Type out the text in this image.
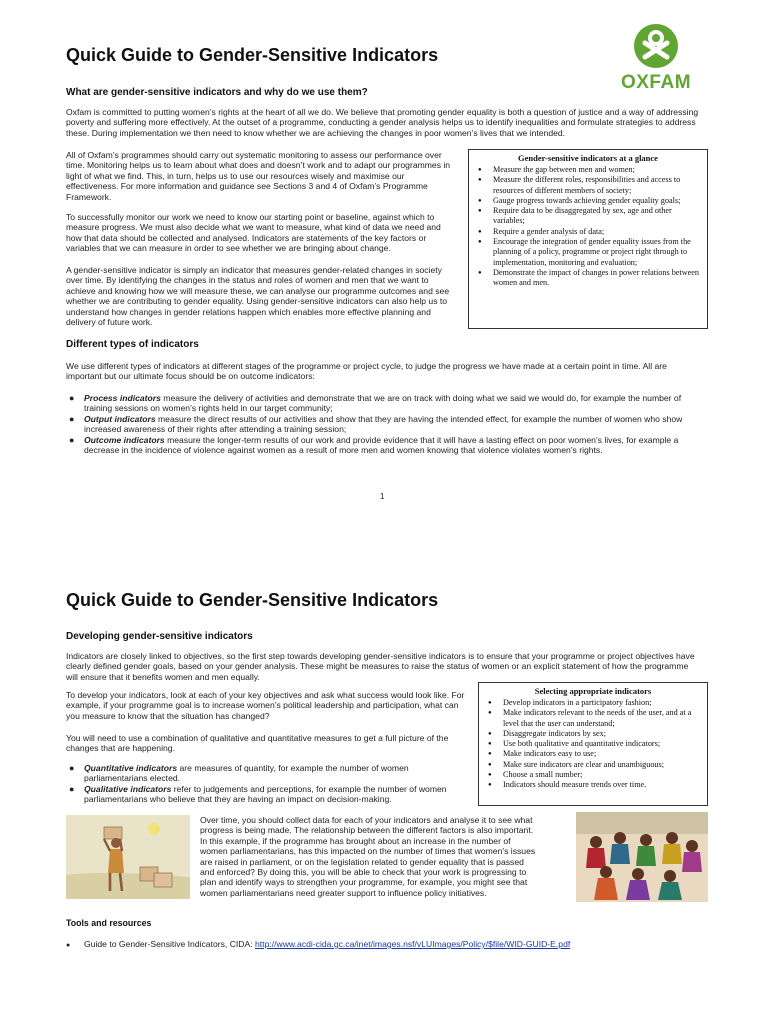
Quick Guide to Gender-Sensitive Indicators
OXFAM
What are gender-sensitive indicators and why do we use them?

Oxfam is committed to putting women’s rights at the heart of all we do. We believe that promoting gender equality is both a question of justice and a way of addressing poverty and suffering more effectively. At the outset of a programme, conducting a gender analysis helps us to identify inequalities and formulate strategies to address these. During implementation we then need to know whether we are achieving the changes in poor women’s lives that we intended.

All of Oxfam’s programmes should carry out systematic monitoring to assess our performance over time. Monitoring helps us to learn about what does and doesn’t work and to adapt our programmes in light of what we find. This, in turn, helps us to use our resources wisely and maximise our effectiveness. For more information and guidance see Sections 3 and 4 of Oxfam’s Programme Framework.

To successfully monitor our work we need to know our starting point or baseline, against which to measure progress. We must also decide what we want to measure, what kind of data we need and how that data should be collected and analysed. Indicators are statements of the key factors or variables that we can measure in order to see whether we are bringing about change.

A gender-sensitive indicator is simply an indicator that measures gender-related changes in society over time. By identifying the changes in the status and roles of women and men that we want to achieve and knowing how we will measure these, we can analyse our programme outcomes and see whether we are contributing to gender equality. Using gender-sensitive indicators can also help us to understand how changes in gender relations happen which enables more effective planning and delivery of future work.

Gender-sensitive indicators at a glance
● Measure the gap between men and women;
● Measure the different roles, responsibilities and access to resources of different members of society;
● Gauge progress towards achieving gender equality goals;
● Require data to be disaggregated by sex, age and other variables;
● Require a gender analysis of data;
● Encourage the integration of gender equality issues from the planning of a policy, programme or project right through to implementation, monitoring and evaluation;
● Demonstrate the impact of changes in power relations between women and men.
Different types of indicators

We use different types of indicators at different stages of the programme or project cycle, to judge the progress we have made at a certain point in time. All are important but our ultimate focus should be on outcome indicators:

● Process indicators measure the delivery of activities and demonstrate that we are on track with doing what we said we would do, for example the number of training sessions on women’s rights held in our target community;
● Output indicators measure the direct results of our activities and show that they are having the intended effect, for example the number of women who show increased awareness of their rights after attending a training session;
● Outcome indicators measure the longer-term results of our work and provide evidence that it will have a lasting effect on poor women’s lives, for example a decrease in the incidence of violence against women as a result of more men and women knowing that violence violates women’s rights.
1
Quick Guide to Gender-Sensitive Indicators
Developing gender-sensitive indicators

Indicators are closely linked to objectives, so the first step towards developing gender-sensitive indicators is to ensure that your programme or project objectives have clearly defined gender goals, based on your gender analysis. These might be measures to raise the status of women or an explicit statement of how the programme will ensure that it benefits women and men equally.

To develop your indicators, look at each of your key objectives and ask what success would look like. For example, if your programme goal is to increase women’s political leadership and participation, what can you measure to know that the situation has changed?

You will need to use a combination of qualitative and quantitative measures to get a full picture of the changes that are happening.

● Quantitative indicators are measures of quantity, for example the number of women parliamentarians elected.
● Qualitative indicators refer to judgements and perceptions, for example the number of women parliamentarians who believe that they are having an impact on decision-making.
Selecting appropriate indicators
● Develop indicators in a participatory fashion;
● Make indicators relevant to the needs of the user, and at a level that the user can understand;
● Disaggregate indicators by sex;
● Use both qualitative and quantitative indicators;
● Make indicators easy to use;
● Make sure indicators are clear and unambiguous;
● Choose a small number;
● Indicators should measure trends over time.

Over time, you should collect data for each of your indicators and analyse it to see what progress is being made. The relationship between the different factors is also important. In this example, if the programme has brought about an increase in the number of women parliamentarians, has this impacted on the number of times that women’s issues are raised in parliament, or on the legislation related to gender equality that is passed and enforced? By doing this, you will be able to check that your work is progressing to plan and identify ways to strengthen your programme, for example, you might see that women parliamentarians need greater support to influence policy initiatives.

Tools and resources
● Guide to Gender-Sensitive Indicators, CIDA: http://www.acdi-cida.gc.ca/inet/images.nsf/vLUImages/Policy/$file/WID-GUID-E.pdf
